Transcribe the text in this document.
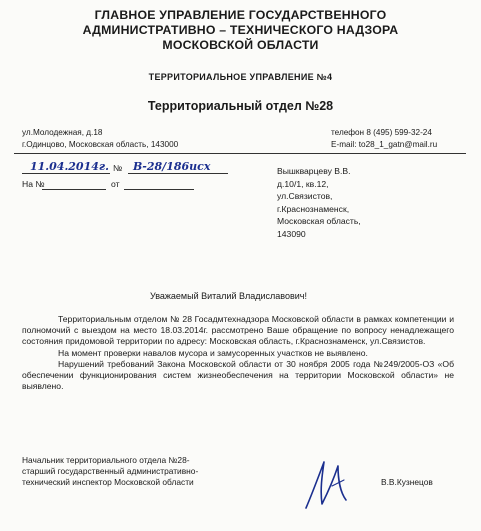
ГЛАВНОЕ УПРАВЛЕНИЕ ГОСУДАРСТВЕННОГО
АДМИНИСТРАТИВНО – ТЕХНИЧЕСКОГО НАДЗОРА
МОСКОВСКОЙ ОБЛАСТИ
ТЕРРИТОРИАЛЬНОЕ УПРАВЛЕНИЕ №4
Территориальный отдел №28
ул.Молодежная, д.18
г.Одинцово, Московская область, 143000
телефон 8 (495) 599-32-24
E-mail: to28_1_gatn@mail.ru
11.04.2014г. № В-28/186исх
На №	от
Вышкварцеву В.В.
д.10/1, кв.12,
ул.Связистов,
г.Краснознаменск,
Московская область,
143090
Уважаемый Виталий Владиславович!

Территориальным отделом № 28 Госадмтехнадзора Московской области в рамках компетенции и полномочий с выездом на место 18.03.2014г. рассмотрено Ваше обращение по вопросу ненадлежащего состояния придомовой территории по адресу: Московская область, г.Краснознаменск, ул.Связистов.

На момент проверки навалов мусора и замусоренных участков не выявлено.

Нарушений требований Закона Московской области от 30 ноября 2005 года №249/2005-ОЗ «Об обеспечении функционирования систем жизнеобеспечения на территории Московской области» не выявлено.

Начальник территориального отдела №28-
старший государственный административно-
технический инспектор Московской области	В.В.Кузнецов
